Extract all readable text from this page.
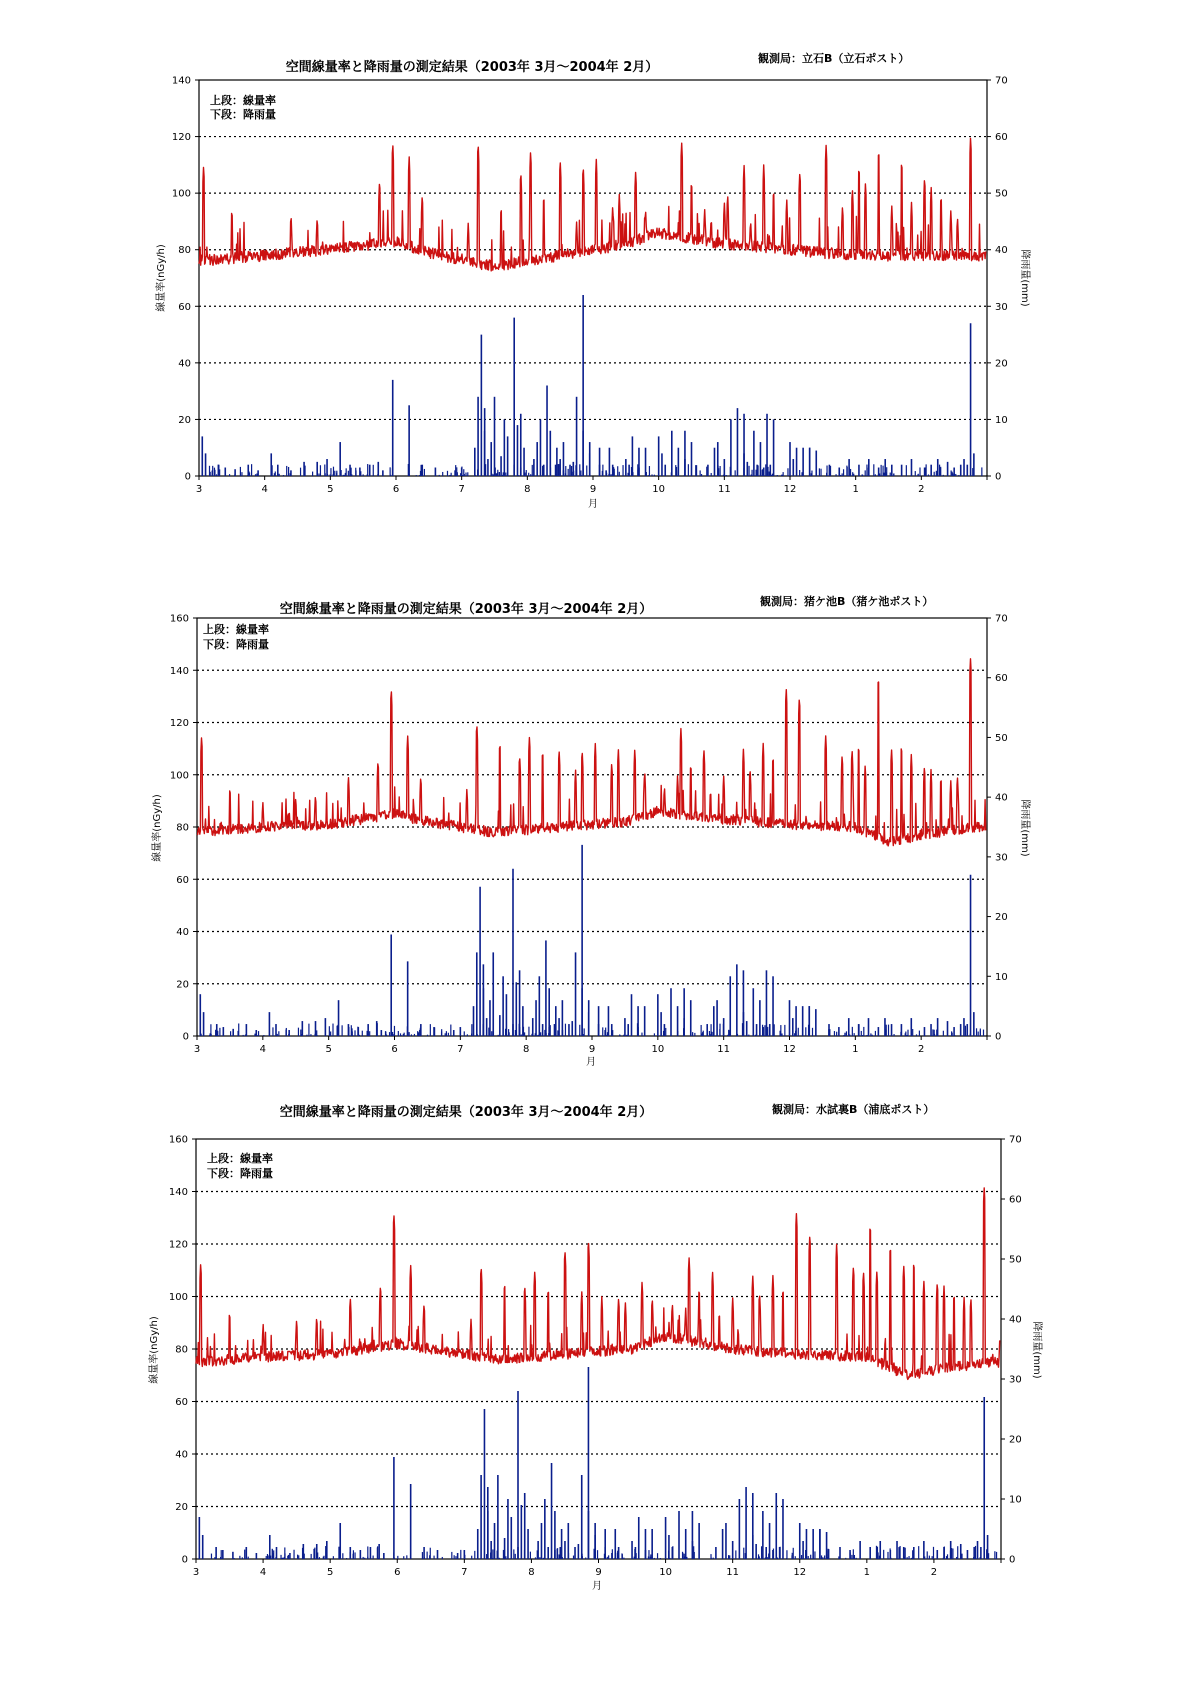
0
20
40
60
80
100
120
140
0
10
20
30
40
50
60
70
3	4	5	6	7	8	9	10	11	12	1	2
空間線量率と降雨量の測定結果（2003年 3月～2004年 2月）
観測局：立石B（立石ポスト）
上段：線量率
下段：降雨量
線量率(nGy/h)	降雨量(mm)
月
0
20
40
60
80
100
120
140
160
0
10
20
30
40
50
60
70
3	4	5	6	7	8	9	10	11	12	1	2
空間線量率と降雨量の測定結果（2003年 3月～2004年 2月）
観測局：猪ケ池B（猪ケ池ポスト）
上段：線量率
下段：降雨量
線量率(nGy/h)	降雨量(mm)
月
0
20
40
60
80
100
120
140
160
0
10
20
30
40
50
60
70
3	4	5	6	7	8	9	10	11	12	1	2
空間線量率と降雨量の測定結果（2003年 3月～2004年 2月）	観測局：水試裏B（浦底ポスト）
上段：線量率
下段：降雨量
線量率(nGy/h)	降雨量(mm)
月
